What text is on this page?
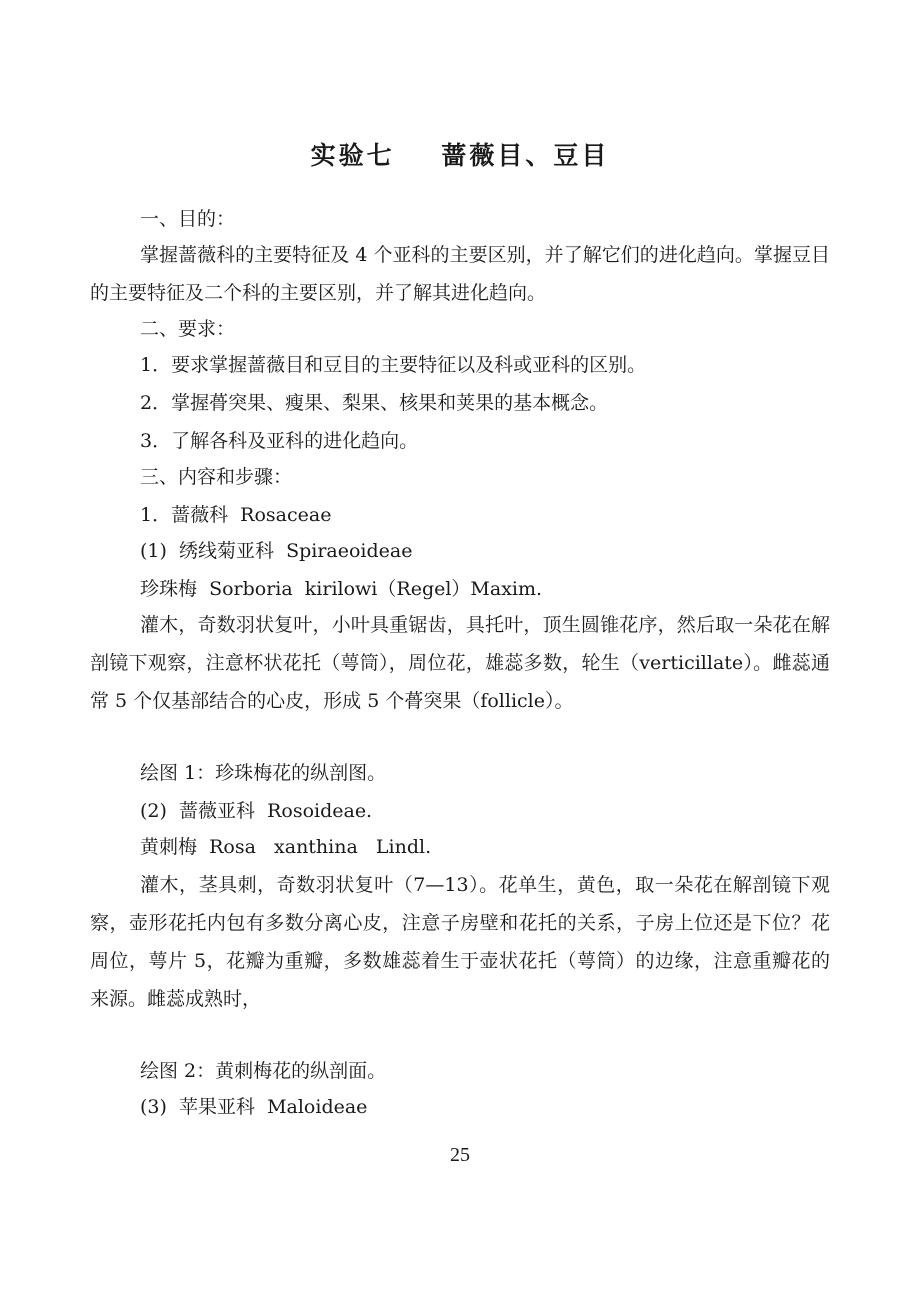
实验七    蔷薇目、豆目
一、目的：
掌握蔷薇科的主要特征及 4 个亚科的主要区别，并了解它们的进化趋向。掌握豆目的主要特征及二个科的主要区别，并了解其进化趋向。
二、要求：
1．要求掌握蔷薇目和豆目的主要特征以及科或亚科的区别。
2．掌握蓇突果、瘦果、梨果、核果和荚果的基本概念。
3．了解各科及亚科的进化趋向。
三、内容和步骤：
1．蔷薇科  Rosaceae
(1)  绣线菊亚科  Spiraeoideae
珍珠梅  Sorboria  kirilowi（Regel）Maxim.
灌木，奇数羽状复叶，小叶具重锯齿，具托叶，顶生圆锥花序，然后取一朵花在解剖镜下观察，注意杯状花托（萼筒），周位花，雄蕊多数，轮生（verticillate）。雌蕊通常 5 个仅基部结合的心皮，形成 5 个蓇突果（follicle）。
绘图 1：珍珠梅花的纵剖图。
(2)  蔷薇亚科  Rosoideae.
黄刺梅  Rosa   xanthina   Lindl.
灌木，茎具刺，奇数羽状复叶（7—13）。花单生，黄色，取一朵花在解剖镜下观察，壶形花托内包有多数分离心皮，注意子房壁和花托的关系，子房上位还是下位？花周位，萼片 5，花瓣为重瓣，多数雄蕊着生于壶状花托（萼筒）的边缘，注意重瓣花的来源。雌蕊成熟时，
绘图 2：黄刺梅花的纵剖面。
(3)  苹果亚科  Maloideae
25
